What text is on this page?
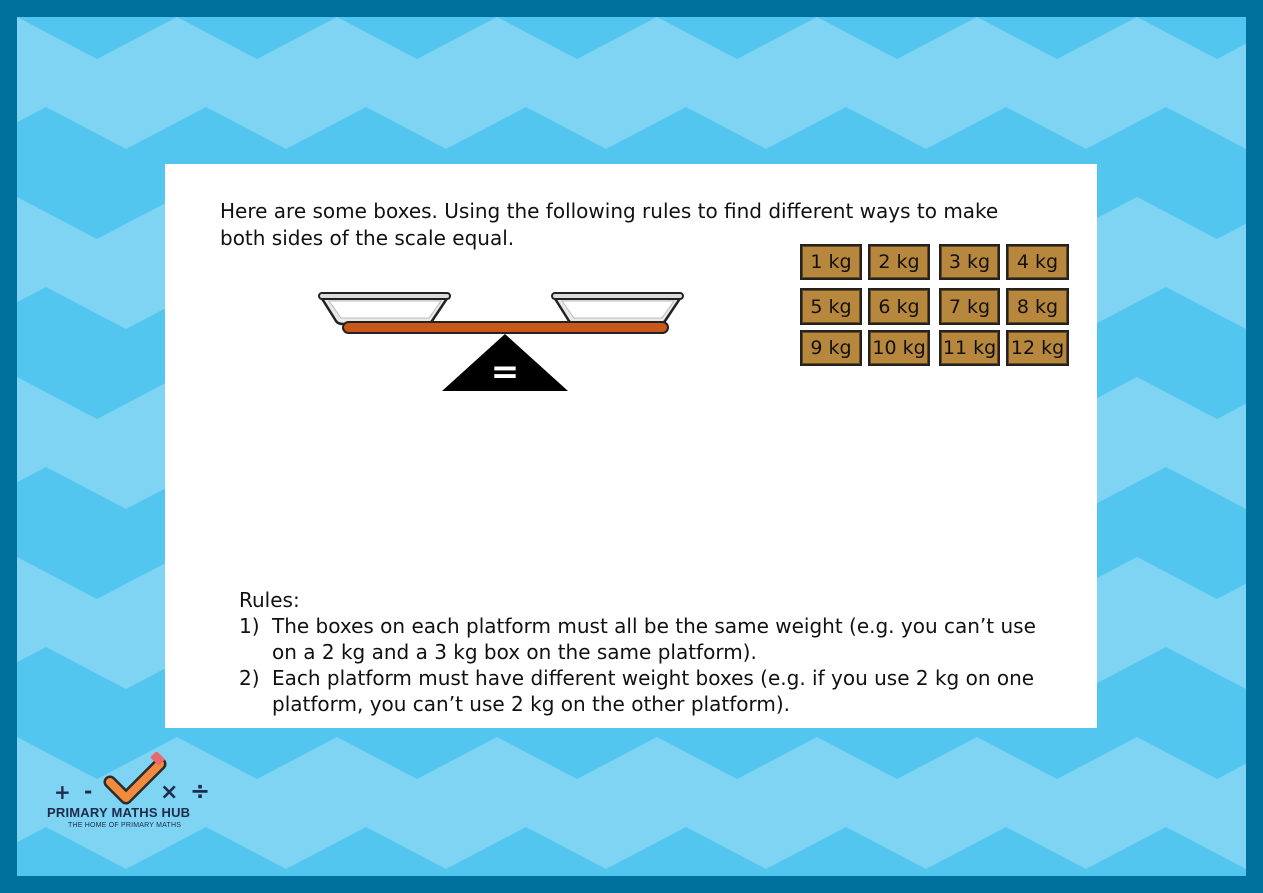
Here are some boxes. Using the following rules to find different ways to make both sides of the scale equal.
=
1 kg	2 kg	3 kg	4 kg
5 kg	6 kg	7 kg	8 kg
9 kg	10 kg 11 kg 12 kg
Rules:
1) The boxes on each platform must all be the same weight (e.g. you can’t use on a 2 kg and a 3 kg box on the same platform).
2) Each platform must have different weight boxes (e.g. if you use 2 kg on one platform, you can’t use 2 kg on the other platform).
+ -	× ÷
PRIMARY MATHS HUB
THE HOME OF PRIMARY MATHS
